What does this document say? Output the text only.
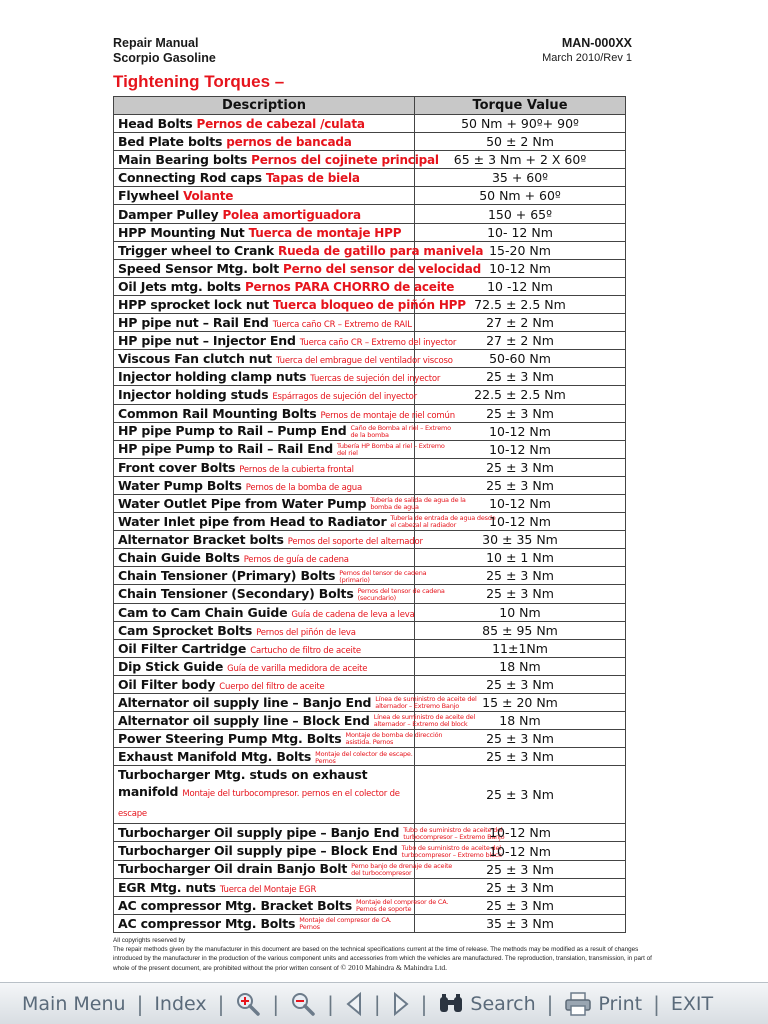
Repair Manual
Scorpio Gasoline
MAN-000XX
March 2010/Rev 1
Tightening Torques –
Description	Torque Value
Head Bolts Pernos de cabezal /culata	50 Nm + 90º+ 90º
Bed Plate bolts pernos de bancada	50 ± 2 Nm
Main Bearing bolts Pernos del cojinete principal	65 ± 3 Nm + 2 X 60º
Connecting Rod caps Tapas de biela	35 + 60º
Flywheel Volante	50 Nm + 60º
Damper Pulley Polea amortiguadora	150 + 65º
HPP Mounting Nut Tuerca de montaje HPP	10- 12 Nm
Trigger wheel to Crank Rueda de gatillo para manivela	15-20 Nm
Speed Sensor Mtg. bolt Perno del sensor de velocidad	10-12 Nm
Oil Jets mtg. bolts Pernos PARA CHORRO de aceite	10 -12 Nm
HPP sprocket lock nut Tuerca bloqueo de piñón HPP	72.5 ± 2.5 Nm
HP pipe nut – Rail End Tuerca caño CR – Extremo de RAIL	27 ± 2 Nm
HP pipe nut – Injector End Tuerca caño CR – Extremo del inyector	27 ± 2 Nm
Viscous Fan clutch nut Tuerca del embrague del ventilador viscoso	50-60 Nm
Injector holding clamp nuts Tuercas de sujeción del inyector	25 ± 3 Nm
Injector holding studs Espárragos de sujeción del inyector	22.5 ± 2.5 Nm
Common Rail Mounting Bolts Pernos de montaje de riel común	25 ± 3 Nm
HP pipe Pump to Rail – Pump End Caño de Bomba al riel – Extremo de la bomba	10-12 Nm
HP pipe Pump to Rail – Rail End Tubería HP Bomba al riel – Extremo del riel	10-12 Nm
Front cover Bolts Pernos de la cubierta frontal	25 ± 3 Nm
Water Pump Bolts Pernos de la bomba de agua	25 ± 3 Nm
Water Outlet Pipe from Water Pump Tubería de salida de agua de la bomba de agua	10-12 Nm
Water Inlet pipe from Head to Radiator Tubería de entrada de agua desde el cabezal al radiador	10-12 Nm
Alternator Bracket bolts Pernos del soporte del alternador	30 ± 35 Nm
Chain Guide Bolts Pernos de guía de cadena	10 ± 1 Nm
Chain Tensioner (Primary) Bolts Pernos del tensor de cadena (primario)	25 ± 3 Nm
Chain Tensioner (Secondary) Bolts Pernos del tensor de cadena (secundario)	25 ± 3 Nm
Cam to Cam Chain Guide Guía de cadena de leva a leva	10 Nm
Cam Sprocket Bolts Pernos del piñón de leva	85 ± 95 Nm
Oil Filter Cartridge Cartucho de filtro de aceite	11±1Nm
Dip Stick Guide Guía de varilla medidora de aceite	18 Nm
Oil Filter body Cuerpo del filtro de aceite	25 ± 3 Nm
Alternator oil supply line – Banjo End Línea de suministro de aceite del alternador – Extremo Banjo	15 ± 20 Nm
Alternator oil supply line – Block End Línea de suministro de aceite del alternador – Extremo del block	18 Nm
Power Steering Pump Mtg. Bolts Montaje de bomba de dirección asistida. Pernos	25 ± 3 Nm
Exhaust Manifold Mtg. Bolts Montaje del colector de escape. Pernos	25 ± 3 Nm
Turbocharger Mtg. studs on exhaust manifold Montaje del turbocompresor. pernos en el colector de escape	25 ± 3 Nm
Turbocharger Oil supply pipe – Banjo End Tubo de suministro de aceite del turbocompresor – Extremo Banjo	10-12 Nm
Turbocharger Oil supply pipe – Block End Tubo de suministro de aceite del turbocompresor – Extremo block	10-12 Nm
Turbocharger Oil drain Banjo Bolt Perno banjo de drenaje de aceite del turbocompresor	25 ± 3 Nm
EGR Mtg. nuts Tuerca del Montaje EGR	25 ± 3 Nm
AC compressor Mtg. Bracket Bolts Montaje del compresor de CA. Pernos de soporte	25 ± 3 Nm
AC compressor Mtg. Bolts Montaje del compresor de CA. Pernos	35 ± 3 Nm
All copyrights reserved by
The repair methods given by the manufacturer in this document are based on the technical specifications current at the time of release. The methods may be modified as a result of changes introduced by the manufacturer in the production of the various component units and accessories from which the vehicles are manufactured. The reproduction, translation, transmission, in part of
whole of the present document, are prohibited without the prior written consent of © 2010 Mahindra & Mahindra Ltd.
Main Menu | Index | | | | | Search | Print | EXIT
